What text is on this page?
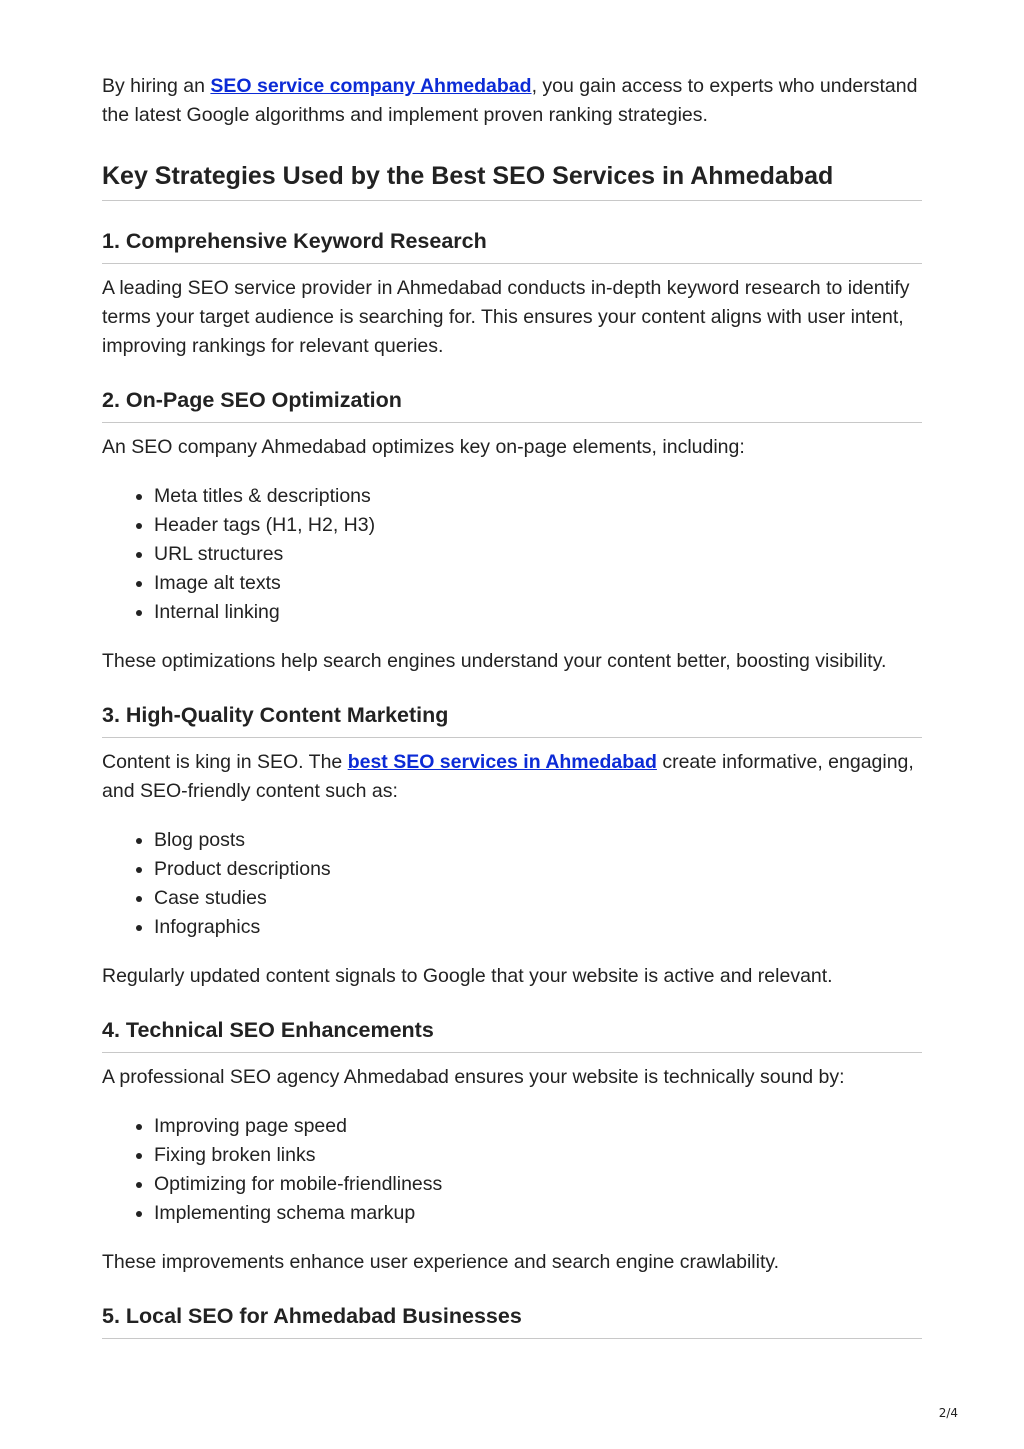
By hiring an SEO service company Ahmedabad, you gain access to experts who understand the latest Google algorithms and implement proven ranking strategies.

Key Strategies Used by the Best SEO Services in Ahmedabad
1. Comprehensive Keyword Research

A leading SEO service provider in Ahmedabad conducts in-depth keyword research to identify terms your target audience is searching for. This ensures your content aligns with user intent, improving rankings for relevant queries.

2. On-Page SEO Optimization

An SEO company Ahmedabad optimizes key on-page elements, including:

Meta titles & descriptions
Header tags (H1, H2, H3)
URL structures
Image alt texts
Internal linking

These optimizations help search engines understand your content better, boosting visibility.

3. High-Quality Content Marketing

Content is king in SEO. The best SEO services in Ahmedabad create informative, engaging, and SEO-friendly content such as:

Blog posts
Product descriptions
Case studies
Infographics

Regularly updated content signals to Google that your website is active and relevant.

4. Technical SEO Enhancements

A professional SEO agency Ahmedabad ensures your website is technically sound by:

Improving page speed
Fixing broken links
Optimizing for mobile-friendliness
Implementing schema markup

These improvements enhance user experience and search engine crawlability.

5. Local SEO for Ahmedabad Businesses
2/4
